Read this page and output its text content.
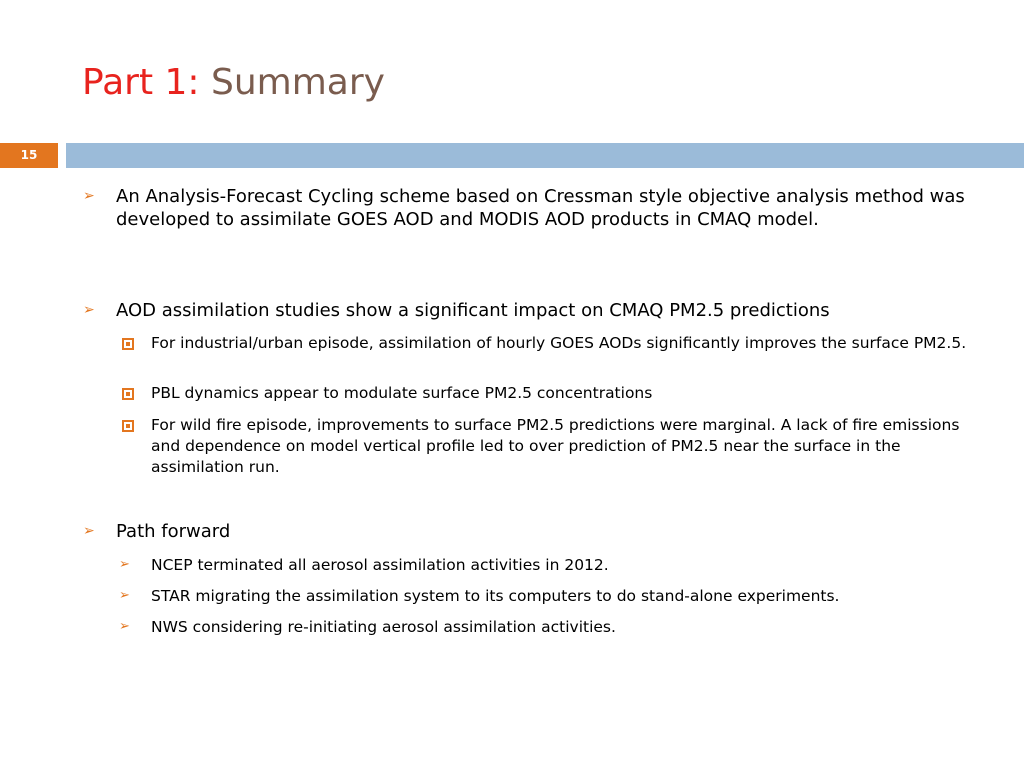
Part 1: Summary
15
➢ An Analysis-Forecast Cycling scheme based on Cressman style objective analysis method was developed to assimilate GOES AOD and MODIS AOD products in CMAQ model.
➢ AOD assimilation studies show a significant impact on CMAQ PM2.5 predictions
For industrial/urban episode, assimilation of hourly GOES AODs significantly improves the surface PM2.5.
PBL dynamics appear to modulate surface PM2.5 concentrations
For wild fire episode, improvements to surface PM2.5 predictions were marginal. A lack of fire emissions and dependence on model vertical profile led to over prediction of PM2.5 near the surface in the assimilation run.
➢ Path forward
➢ NCEP terminated all aerosol assimilation activities in 2012.
➢ STAR migrating the assimilation system to its computers to do stand-alone experiments.
➢ NWS considering re-initiating aerosol assimilation activities.
